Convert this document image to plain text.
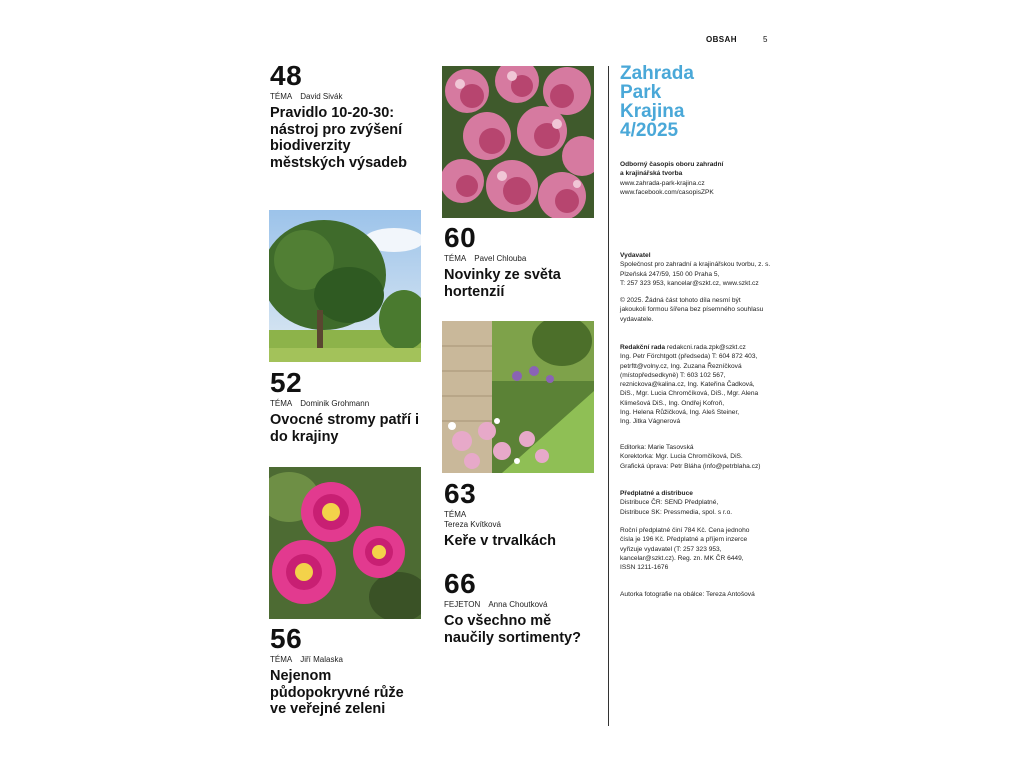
OBSAH	5
48
TÉMA David Sivák
Pravidlo 10-20-30: nástroj pro zvýšení biodiverzity městských výsadeb
52
TÉMA Dominik Grohmann
Ovocné stromy patří i do krajiny
56
TÉMA Jiří Malaska
Nejenom půdopokryvné růže ve veřejné zeleni
60
TÉMA Pavel Chlouba
Novinky ze světa hortenzií
63
TÉMA
Tereza Kvítková
Keře v trvalkách
66
FEJETON Anna Choutková
Co všechno mě naučily sortimenty?
Zahrada
Park
Krajina
4/2025

Odborný časopis oboru zahradní

a krajinářská tvorba

www.zahrada-park-krajina.cz

www.facebook.com/casopisZPK

Vydavatel

Společnost pro zahradní a krajinářskou tvorbu, z. s.

Plzeňská 247/59, 150 00 Praha 5,

T: 257 323 953, kancelar@szkt.cz, www.szkt.cz

© 2025. Žádná část tohoto díla nesmí být

jakoukoli formou šířena bez písemného souhlasu

vydavatele.

Redakční rada redakcni.rada.zpk@szkt.cz

Ing. Petr Förchtgott (předseda) T: 604 872 403,

petrftt@volny.cz, Ing. Zuzana Řezníčková

(místopředsedkyně) T: 603 102 567,

reznickova@kalina.cz, Ing. Kateřina Čadková,

DiS., Mgr. Lucia Chromčíková, DiS., Mgr. Alena

Klimešová DiS., Ing. Ondřej Kofroň,

Ing. Helena Růžičková, Ing. Aleš Steiner,

Ing. Jitka Vágnerová

Editorka: Marie Tasovská

Korektorka: Mgr. Lucia Chromčíková, DiS.

Grafická úprava: Petr Bláha (info@petrblaha.cz)

Předplatné a distribuce

Distribuce ČR: SEND Předplatné,

Distribuce SK: Pressmedia, spol. s r.o.

Roční předplatné činí 784 Kč. Cena jednoho

čísla je 196 Kč. Předplatné a příjem inzerce

vyřizuje vydavatel (T: 257 323 953,

kancelar@szkt.cz). Reg. zn. MK ČR 6449,

ISSN 1211-1676

Autorka fotografie na obálce: Tereza Antošová
